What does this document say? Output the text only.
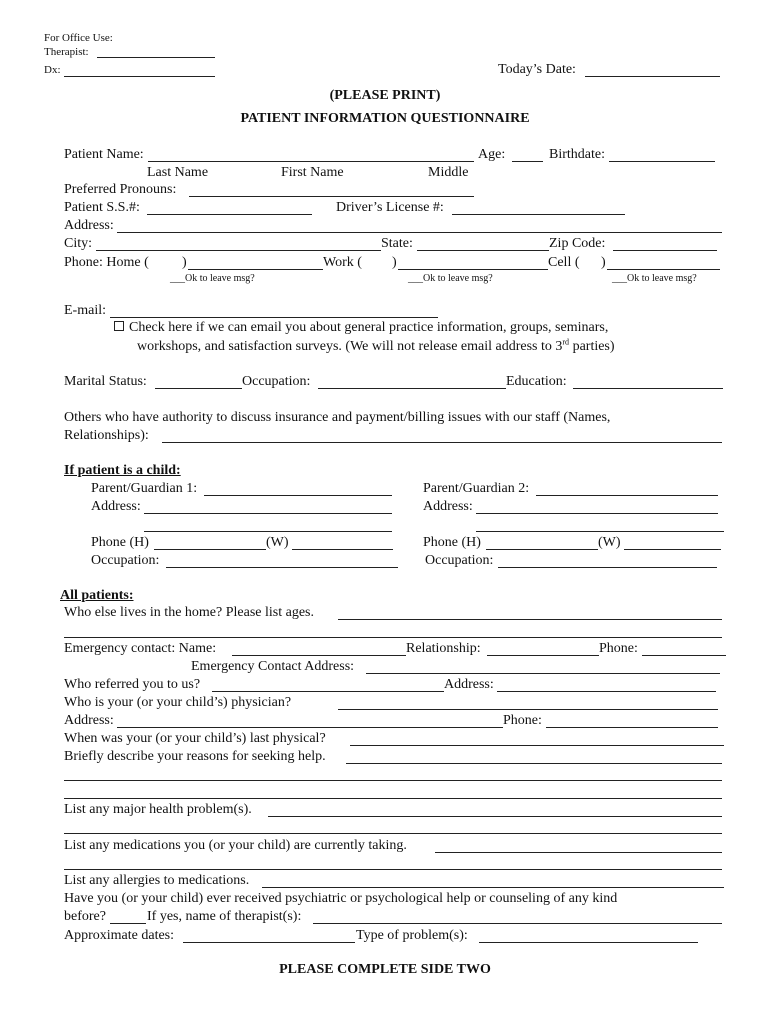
For Office Use:
Therapist:
Dx:	Today’s Date:
(PLEASE PRINT)
PATIENT INFORMATION QUESTIONNAIRE
Patient Name:	Age:	Birthdate:
Last Name	First Name	Middle
Preferred Pronouns:
Patient S.S.#:	Driver’s License #:
Address:
City:	State:	Zip Code:
Phone: Home ( )	Work ( )	Cell ( )
___Ok to leave msg?	___Ok to leave msg?	___Ok to leave msg?
E-mail:
Check here if we can email you about general practice information, groups, seminars,
workshops, and satisfaction surveys. (We will not release email address to 3rd parties)
Marital Status:	Occupation:	Education:
Others who have authority to discuss insurance and payment/billing issues with our staff (Names,
Relationships):
If patient is a child:
Parent/Guardian 1:	Parent/Guardian 2:
Address:	Address:
Phone (H)	(W)	Phone (H)	(W)
Occupation:	Occupation:
All patients:
Who else lives in the home? Please list ages.
Emergency contact: Name:	Relationship:	Phone:
Emergency Contact Address:
Who referred you to us?	Address:
Who is your (or your child’s) physician?
Address:	Phone:
When was your (or your child’s) last physical?
Briefly describe your reasons for seeking help.
List any major health problem(s).
List any medications you (or your child) are currently taking.
List any allergies to medications.
Have you (or your child) ever received psychiatric or psychological help or counseling of any kind
before?	If yes, name of therapist(s):
Approximate dates:	Type of problem(s):
PLEASE COMPLETE SIDE TWO
